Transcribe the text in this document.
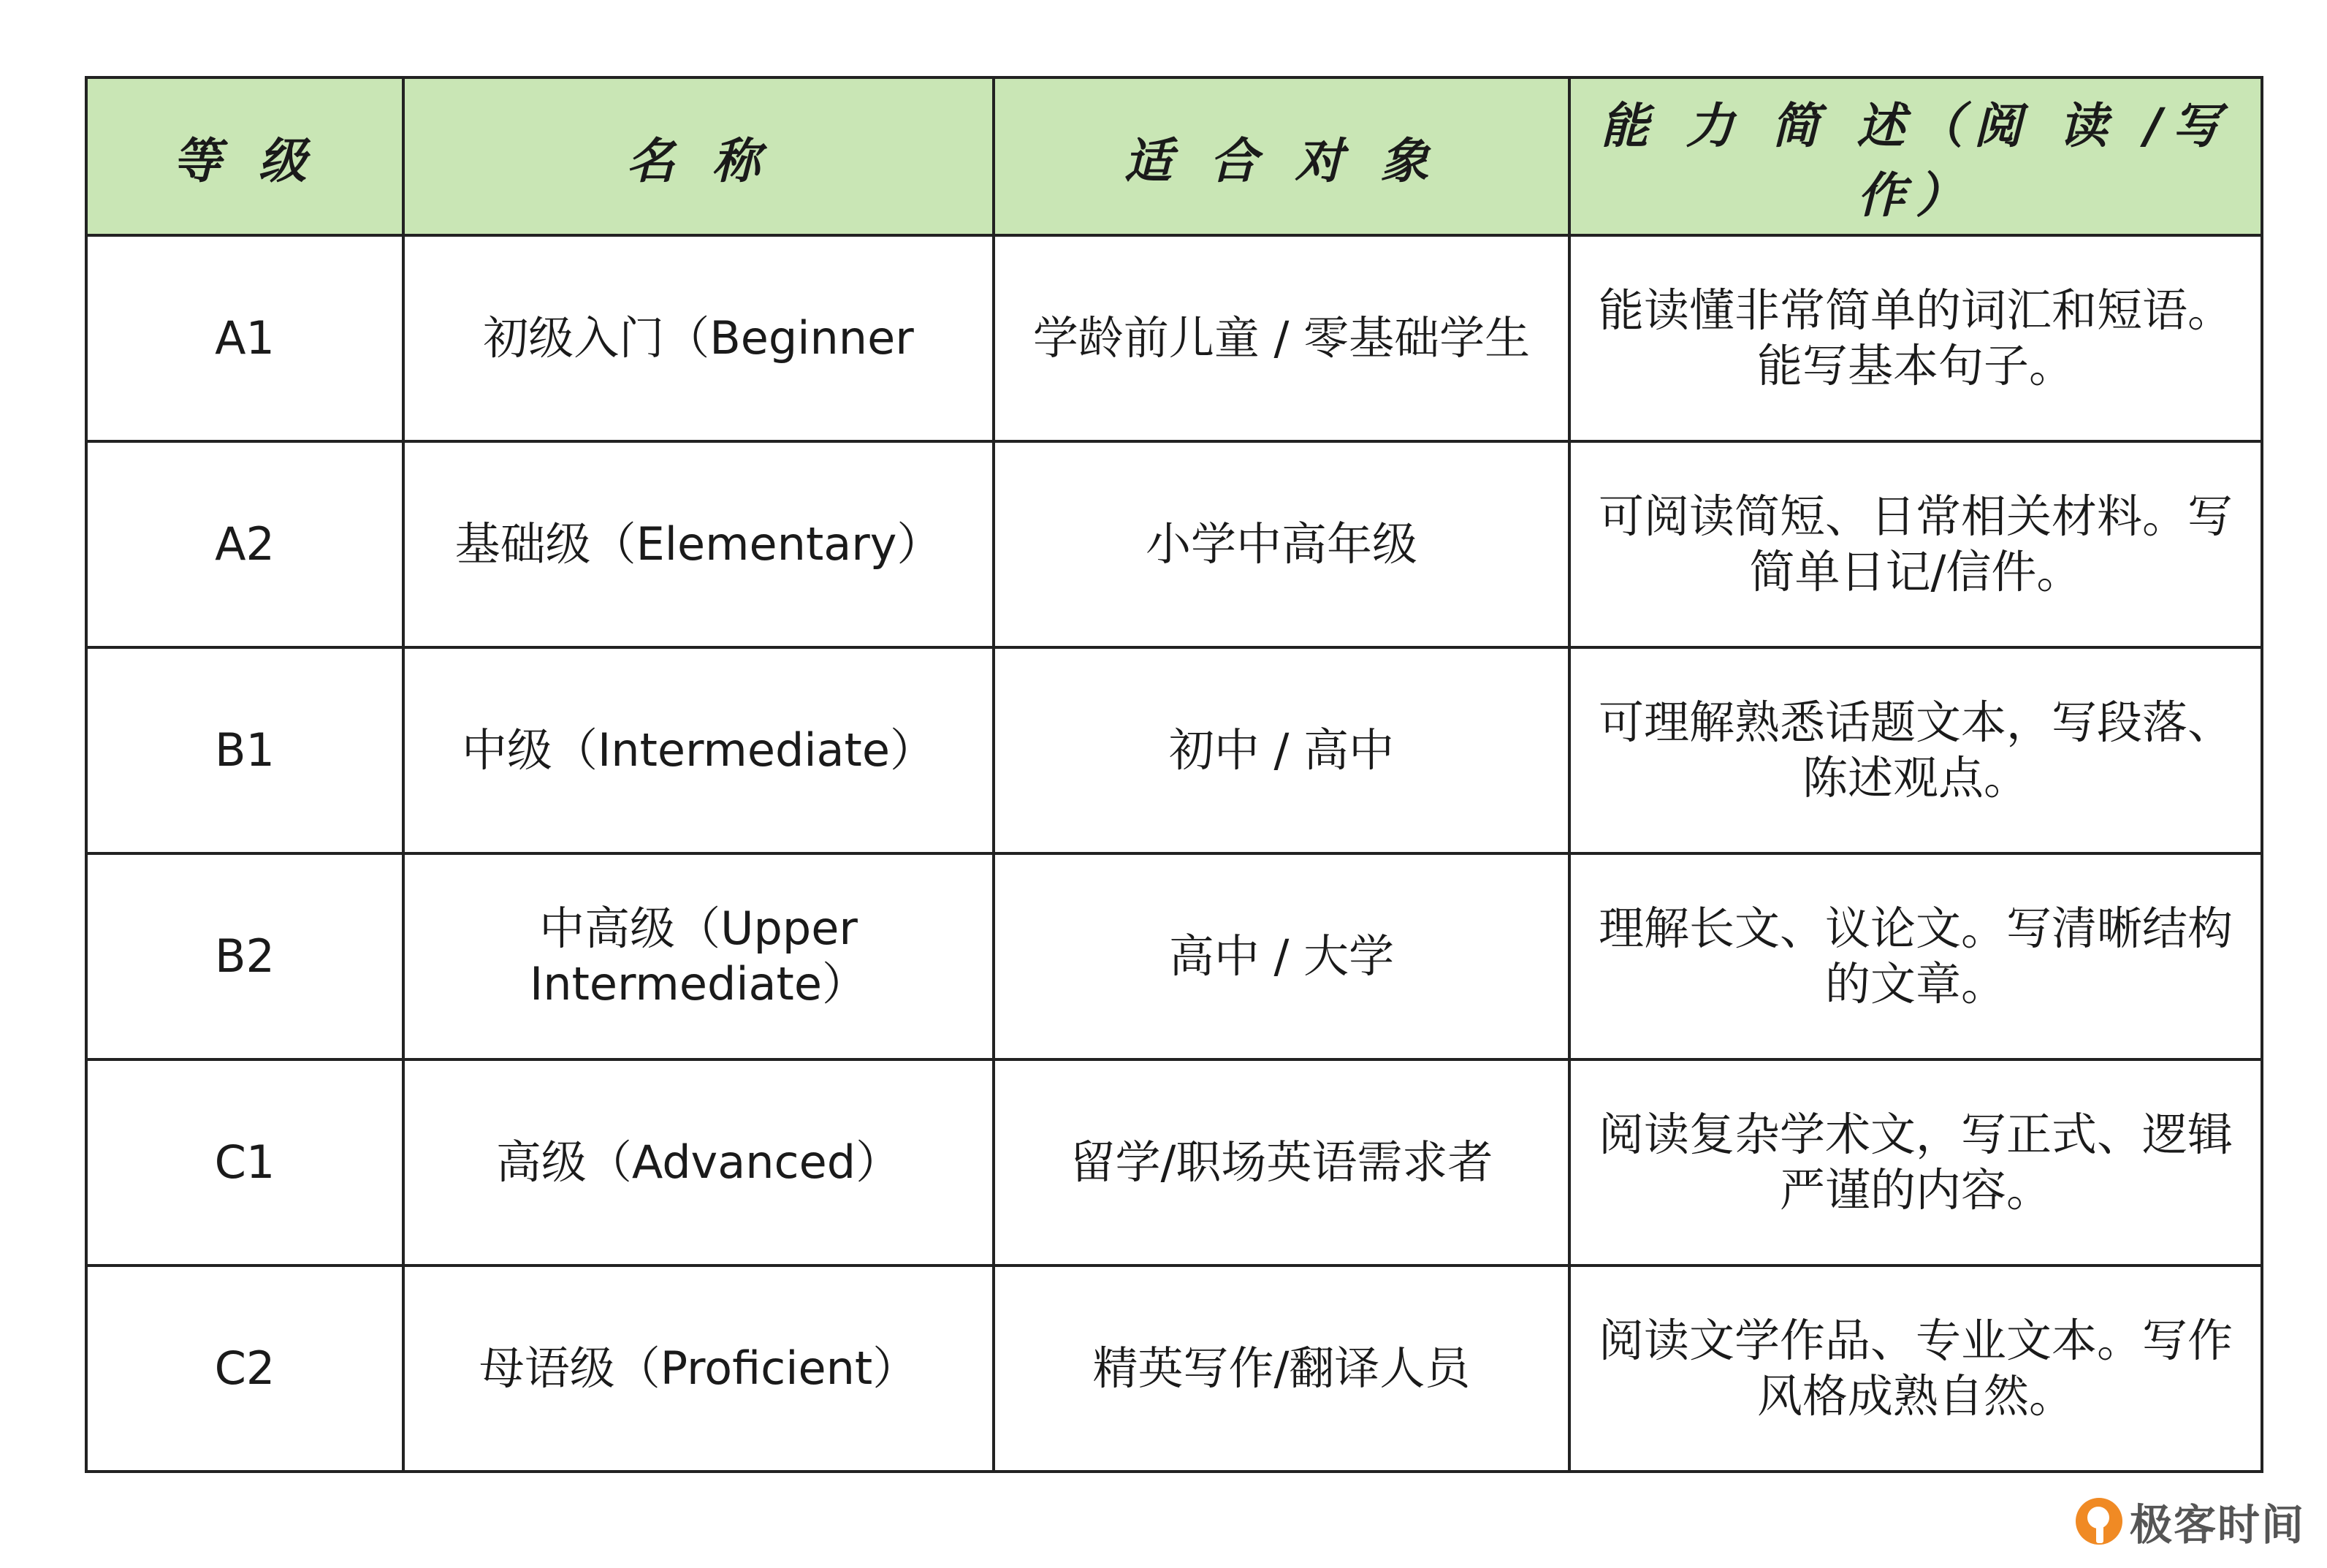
等 级	名 称	适 合 对 象	能 力 简 述（阅 读 /写 作）
A1	初级入门（Beginner	学龄前儿童 / 零基础学生	能读懂非常简单的词汇和短语。能写基本句子。
A2	基础级（Elementary）	小学中高年级	可阅读简短、日常相关材料。写简单日记/信件。
B1	中级（Intermediate）	初中 / 高中	可理解熟悉话题文本，写段落、陈述观点。
B2	中高级（Upper Intermediate）	高中 / 大学	理解长文、议论文。写清晰结构的文章。
C1	高级（Advanced）	留学/职场英语需求者	阅读复杂学术文，写正式、逻辑严谨的内容。
C2	母语级（Proficient）	精英写作/翻译人员	阅读文学作品、专业文本。写作风格成熟自然。
极客时间
